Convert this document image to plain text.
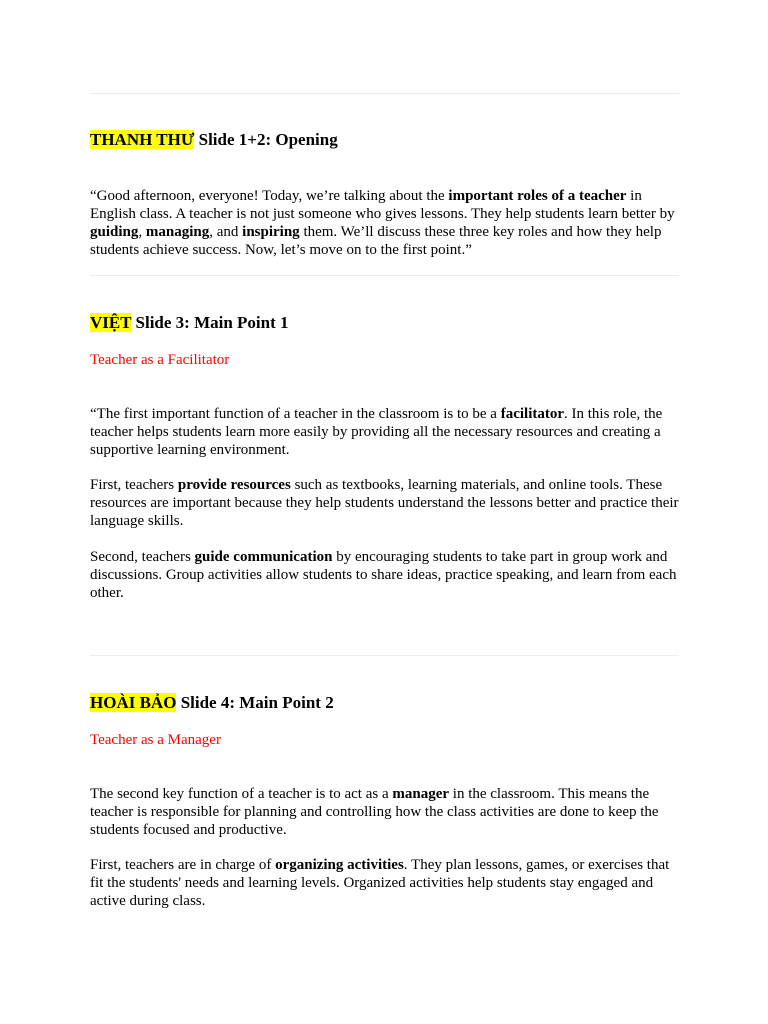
THANH THƯ Slide 1+2: Opening

“Good afternoon, everyone! Today, we’re talking about the important roles of a teacher in English class. A teacher is not just someone who gives lessons. They help students learn better by guiding, managing, and inspiring them. We’ll discuss these three key roles and how they help students achieve success. Now, let’s move on to the first point.”

VIỆT Slide 3: Main Point 1

Teacher as a Facilitator

“The first important function of a teacher in the classroom is to be a facilitator. In this role, the teacher helps students learn more easily by providing all the necessary resources and creating a supportive learning environment.

First, teachers provide resources such as textbooks, learning materials, and online tools. These resources are important because they help students understand the lessons better and practice their language skills.

Second, teachers guide communication by encouraging students to take part in group work and discussions. Group activities allow students to share ideas, practice speaking, and learn from each other.

HOÀI BẢO Slide 4: Main Point 2

Teacher as a Manager

The second key function of a teacher is to act as a manager in the classroom. This means the teacher is responsible for planning and controlling how the class activities are done to keep the students focused and productive.

First, teachers are in charge of organizing activities. They plan lessons, games, or exercises that fit the students' needs and learning levels. Organized activities help students stay engaged and active during class.
